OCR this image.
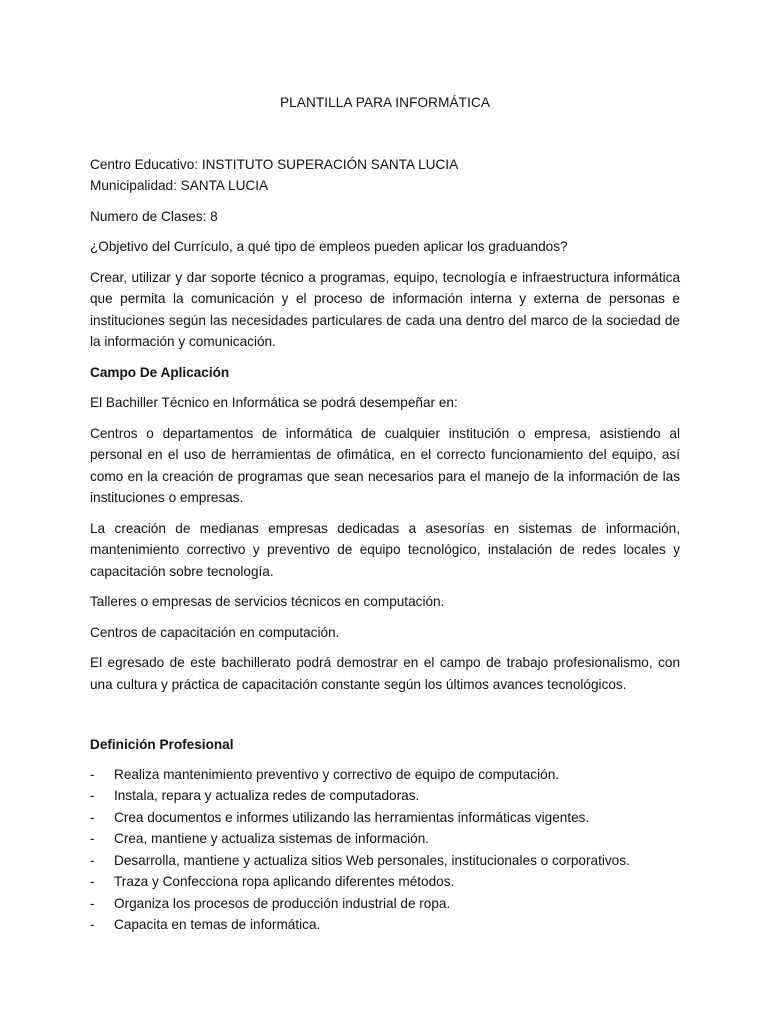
PLANTILLA PARA INFORMÁTICA
Centro Educativo: INSTITUTO SUPERACIÓN SANTA LUCIA
Municipalidad: SANTA LUCIA
Numero de Clases: 8
¿Objetivo del Currículo, a qué tipo de empleos pueden aplicar los graduandos?

Crear, utilizar y dar soporte técnico a programas, equipo, tecnología e infraestructura informática que permita la comunicación y el proceso de información interna y externa de personas e instituciones según las necesidades particulares de cada una dentro del marco de la sociedad de la información y comunicación.

Campo De Aplicación

El Bachiller Técnico en Informática se podrá desempeñar en:

Centros o departamentos de informática de cualquier institución o empresa, asistiendo al personal en el uso de herramientas de ofimática, en el correcto funcionamiento del equipo, así como en la creación de programas que sean necesarios para el manejo de la información de las instituciones o empresas.

La creación de medianas empresas dedicadas a asesorías en sistemas de información, mantenimiento correctivo y preventivo de equipo tecnológico, instalación de redes locales y capacitación sobre tecnología.

Talleres o empresas de servicios técnicos en computación.

Centros de capacitación en computación.

El egresado de este bachillerato podrá demostrar en el campo de trabajo profesionalismo, con una cultura y práctica de capacitación constante según los últimos avances tecnológicos.

Definición Profesional
- Realiza mantenimiento preventivo y correctivo de equipo de computación.
- Instala, repara y actualiza redes de computadoras.
- Crea documentos e informes utilizando las herramientas informáticas vigentes.
- Crea, mantiene y actualiza sistemas de información.
- Desarrolla, mantiene y actualiza sitios Web personales, institucionales o corporativos.
- Traza y Confecciona ropa aplicando diferentes métodos.
- Organiza los procesos de producción industrial de ropa.
- Capacita en temas de informática.
